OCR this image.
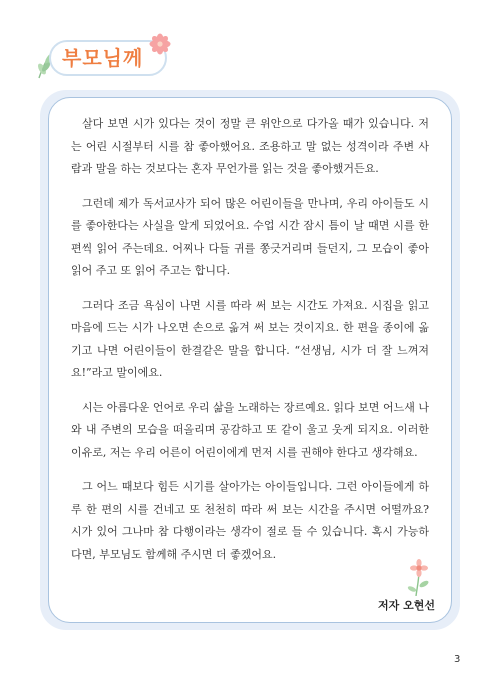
부모님께

살다 보면 시가 있다는 것이 정말 큰 위안으로 다가올 때가 있습니다. 저는 어린 시절부터 시를 참 좋아했어요. 조용하고 말 없는 성격이라 주변 사람과 말을 하는 것보다는 혼자 무언가를 읽는 것을 좋아했거든요.

그런데 제가 독서교사가 되어 많은 어린이들을 만나며, 우리 아이들도 시를 좋아한다는 사실을 알게 되었어요. 수업 시간 잠시 틈이 날 때면 시를 한 편씩 읽어 주는데요. 어찌나 다들 귀를 쫑긋거리며 들던지, 그 모습이 좋아 읽어 주고 또 읽어 주고는 합니다.

그러다 조금 욕심이 나면 시를 따라 써 보는 시간도 가져요. 시집을 읽고 마음에 드는 시가 나오면 손으로 옮겨 써 보는 것이지요. 한 편을 종이에 옮기고 나면 어린이들이 한결같은 말을 합니다. “선생님, 시가 더 잘 느껴져요!”라고 말이에요.

시는 아름다운 언어로 우리 삶을 노래하는 장르예요. 읽다 보면 어느새 나와 내 주변의 모습을 떠올리며 공감하고 또 같이 울고 웃게 되지요. 이러한 이유로, 저는 우리 어른이 어린이에게 먼저 시를 권해야 한다고 생각해요.

그 어느 때보다 힘든 시기를 살아가는 아이들입니다. 그런 아이들에게 하루 한 편의 시를 건네고 또 천천히 따라 써 보는 시간을 주시면 어떨까요? 시가 있어 그나마 참 다행이라는 생각이 절로 들 수 있습니다. 혹시 가능하다면, 부모님도 함께해 주시면 더 좋겠어요.

저자 오현선
3
